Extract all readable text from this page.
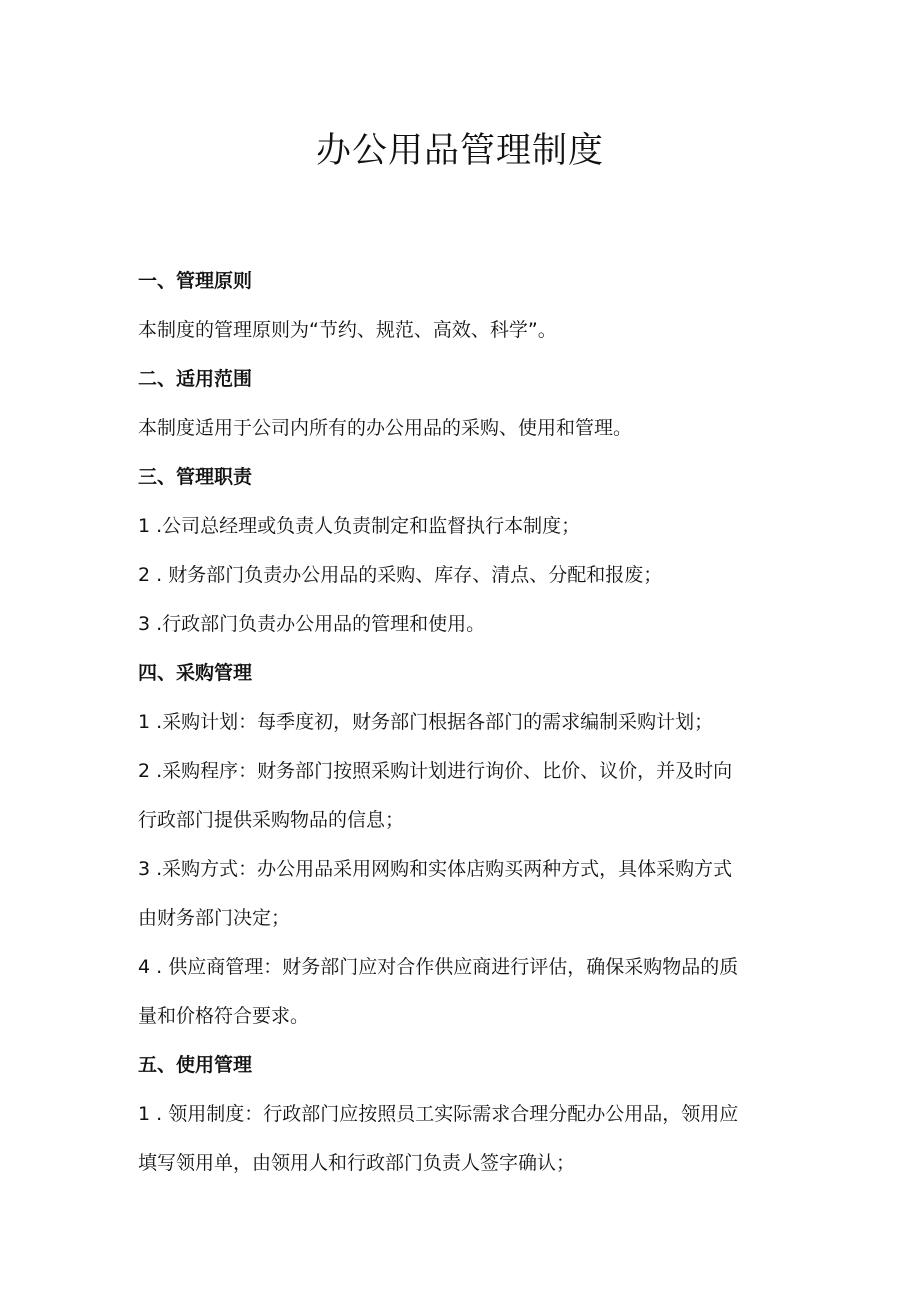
办公用品管理制度

一、管理原则

本制度的管理原则为“节约、规范、高效、科学”。

二、适用范围

本制度适用于公司内所有的办公用品的采购、使用和管理。

三、管理职责

1 .公司总经理或负责人负责制定和监督执行本制度；

2 . 财务部门负责办公用品的采购、库存、清点、分配和报废；

3 .行政部门负责办公用品的管理和使用。

四、采购管理

1 .采购计划：每季度初，财务部门根据各部门的需求编制采购计划；

2 .采购程序：财务部门按照采购计划进行询价、比价、议价，并及时向

行政部门提供采购物品的信息；

3 .采购方式：办公用品采用网购和实体店购买两种方式，具体采购方式

由财务部门决定；

4 . 供应商管理：财务部门应对合作供应商进行评估，确保采购物品的质

量和价格符合要求。

五、使用管理

1 . 领用制度：行政部门应按照员工实际需求合理分配办公用品，领用应

填写领用单，由领用人和行政部门负责人签字确认；
